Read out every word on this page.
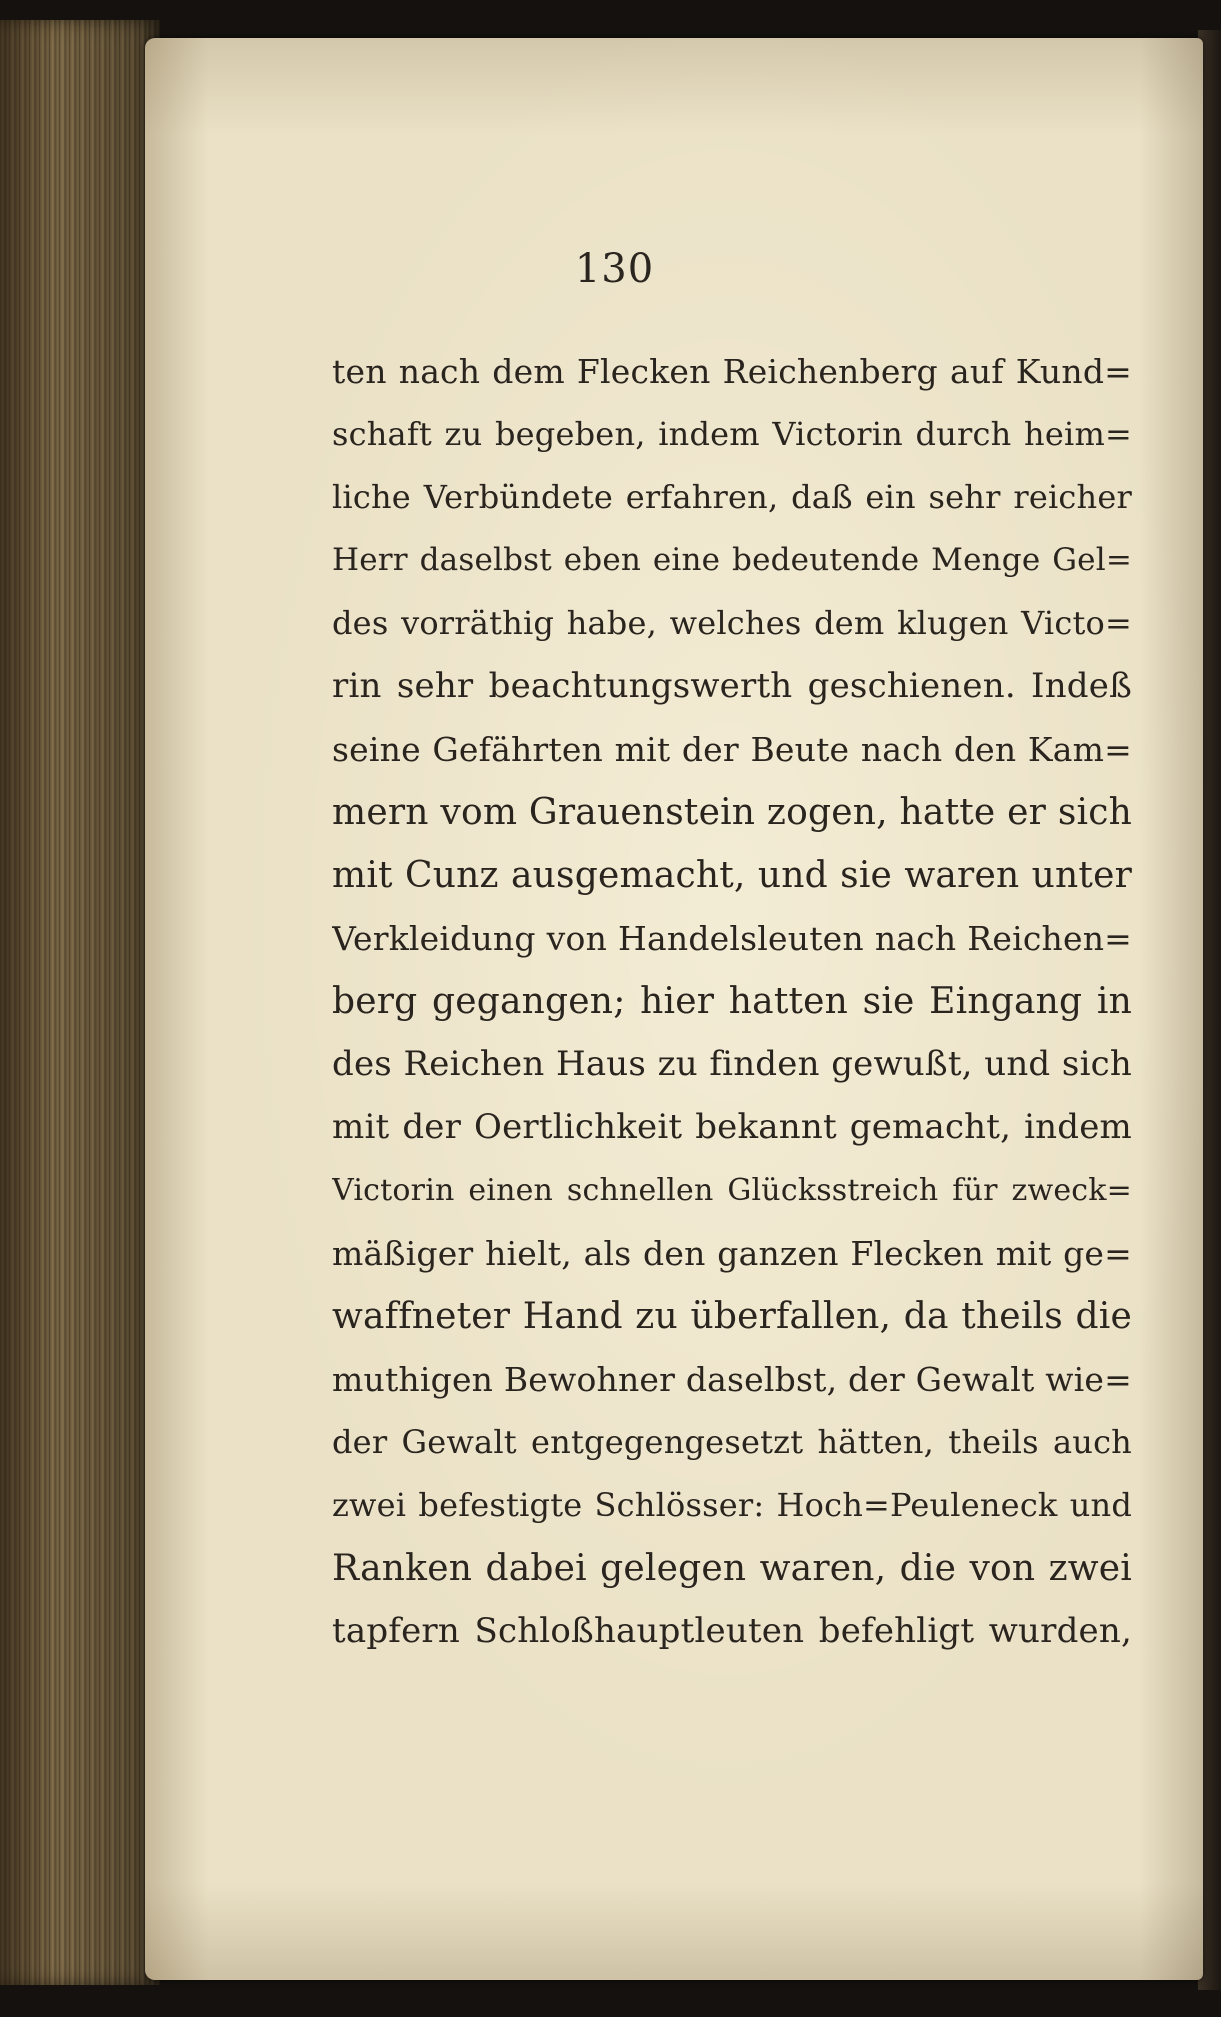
130
ten nach dem Flecken Reichenberg auf Kund=
schaft zu begeben, indem Victorin durch heim=
liche Verbündete erfahren, daß ein sehr reicher
Herr daselbst eben eine bedeutende Menge Gel=
des vorräthig habe, welches dem klugen Victo=
rin sehr beachtungswerth geschienen. Indeß
seine Gefährten mit der Beute nach den Kam=
mern vom Grauenstein zogen, hatte er sich
mit Cunz ausgemacht, und sie waren unter
Verkleidung von Handelsleuten nach Reichen=
berg gegangen; hier hatten sie Eingang in
des Reichen Haus zu finden gewußt, und sich
mit der Oertlichkeit bekannt gemacht, indem
Victorin einen schnellen Glücksstreich für zweck=
mäßiger hielt, als den ganzen Flecken mit ge=
waffneter Hand zu überfallen, da theils die
muthigen Bewohner daselbst, der Gewalt wie=
der Gewalt entgegengesetzt hätten, theils auch
zwei befestigte Schlösser: Hoch=Peuleneck und
Ranken dabei gelegen waren, die von zwei
tapfern Schloßhauptleuten befehligt wurden,
